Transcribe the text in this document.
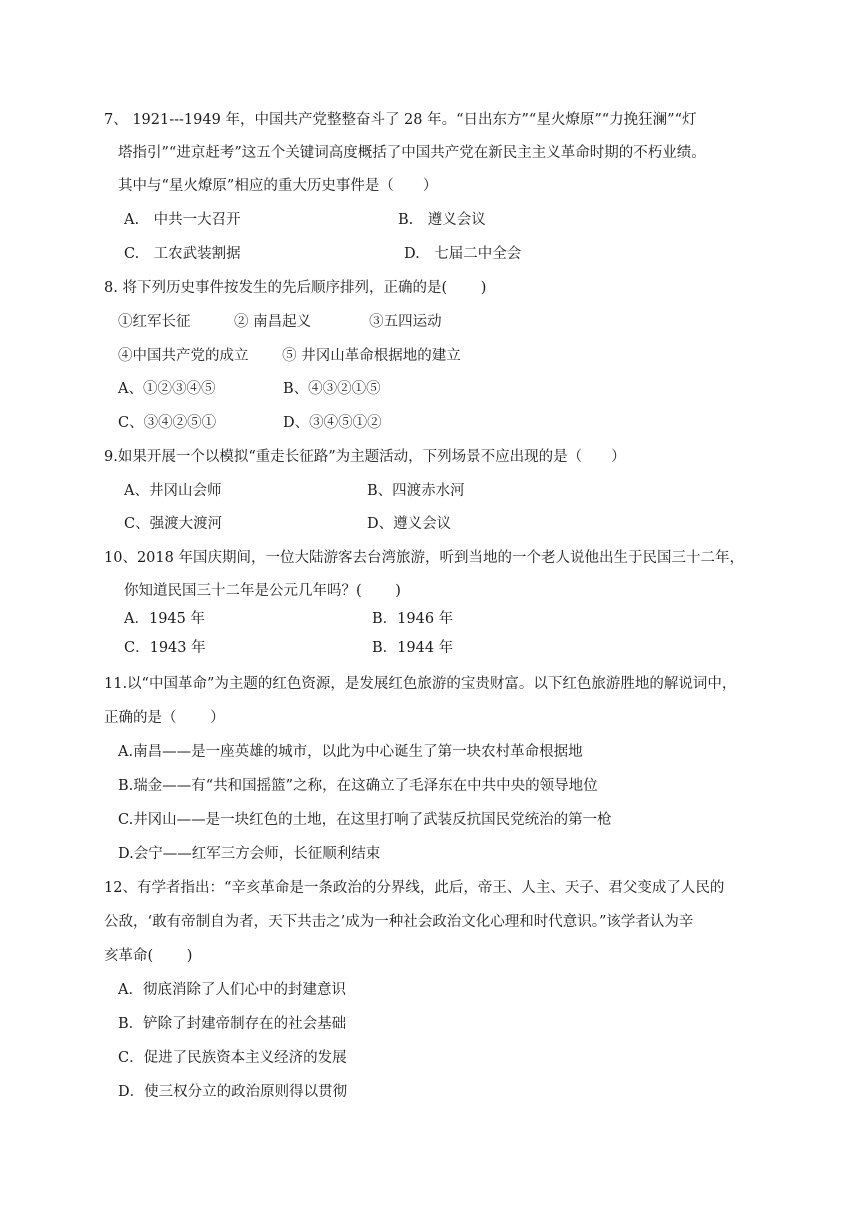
7、 1921---1949 年，中国共产党整整奋斗了 28 年。“日出东方”“星火燎原”“力挽狂澜”“灯
塔指引”“进京赶考”这五个关键词高度概括了中国共产党在新民主主义革命时期的不朽业绩。
其中与“星火燎原”相应的重大历史事件是（　　）
A.　中共一大召开	B.　遵义会议
C.　工农武装割据	D.　七届二中全会
8. 将下列历史事件按发生的先后顺序排列，正确的是(　　 )
①红军长征　　　② 南昌起义　　　　③五四运动
④中国共产党的成立　　 ⑤ 井冈山革命根据地的建立
A、①②③④⑤	B、④③②①⑤
C、③④②⑤①	D、③④⑤①②
9.如果开展一个以模拟“重走长征路”为主题活动，下列场景不应出现的是（　　）
A、井冈山会师	B、四渡赤水河
C、强渡大渡河	D、遵义会议
10、2018 年国庆期间，一位大陆游客去台湾旅游，听到当地的一个老人说他出生于民国三十二年，
你知道民国三十二年是公元几年吗？(　　 )
A．1945 年	B．1946 年
C．1943 年	B．1944 年
11.以“中国革命”为主题的红色资源，是发展红色旅游的宝贵财富。以下红色旅游胜地的解说词中，
正确的是（　　 ）
A.南昌——是一座英雄的城市，以此为中心诞生了第一块农村革命根据地
B.瑞金——有“共和国摇篮”之称，在这确立了毛泽东在中共中央的领导地位
C.井冈山——是一块红色的土地，在这里打响了武装反抗国民党统治的第一枪
D.会宁——红军三方会师，长征顺利结束
12、有学者指出：“辛亥革命是一条政治的分界线，此后，帝王、人主、天子、君父变成了人民的
公敌，‘敢有帝制自为者，天下共击之’成为一种社会政治文化心理和时代意识。”该学者认为辛
亥革命(　　 )
A．彻底消除了人们心中的封建意识
B．铲除了封建帝制存在的社会基础
C．促进了民族资本主义经济的发展
D．使三权分立的政治原则得以贯彻
